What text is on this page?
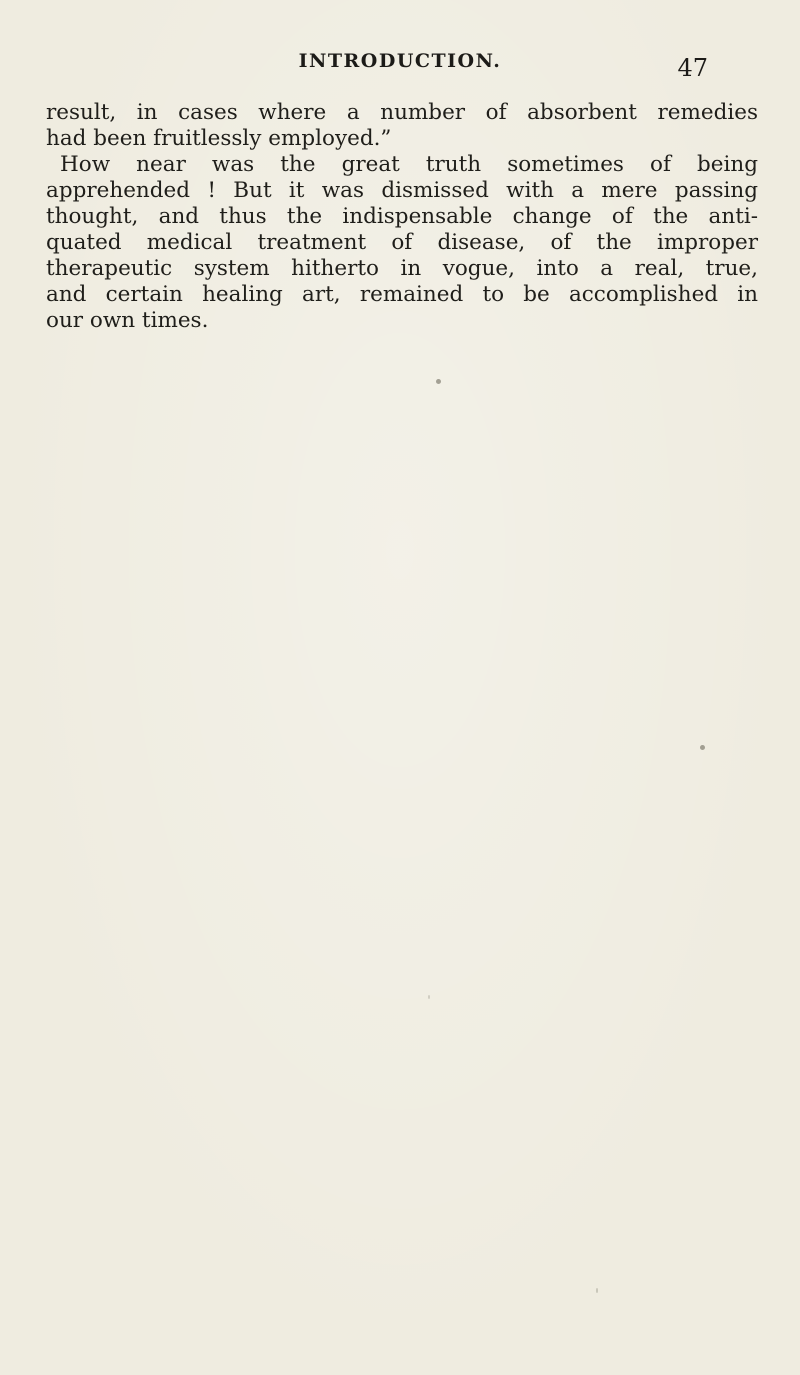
INTRODUCTION.	47
result, in cases where a number of absorbent remedies
had been fruitlessly employed.”
How near was the great truth sometimes of being
apprehended ! But it was dismissed with a mere passing
thought, and thus the indispensable change of the anti-
quated medical treatment of disease, of the improper
therapeutic system hitherto in vogue, into a real, true,
and certain healing art, remained to be accomplished in
our own times.
